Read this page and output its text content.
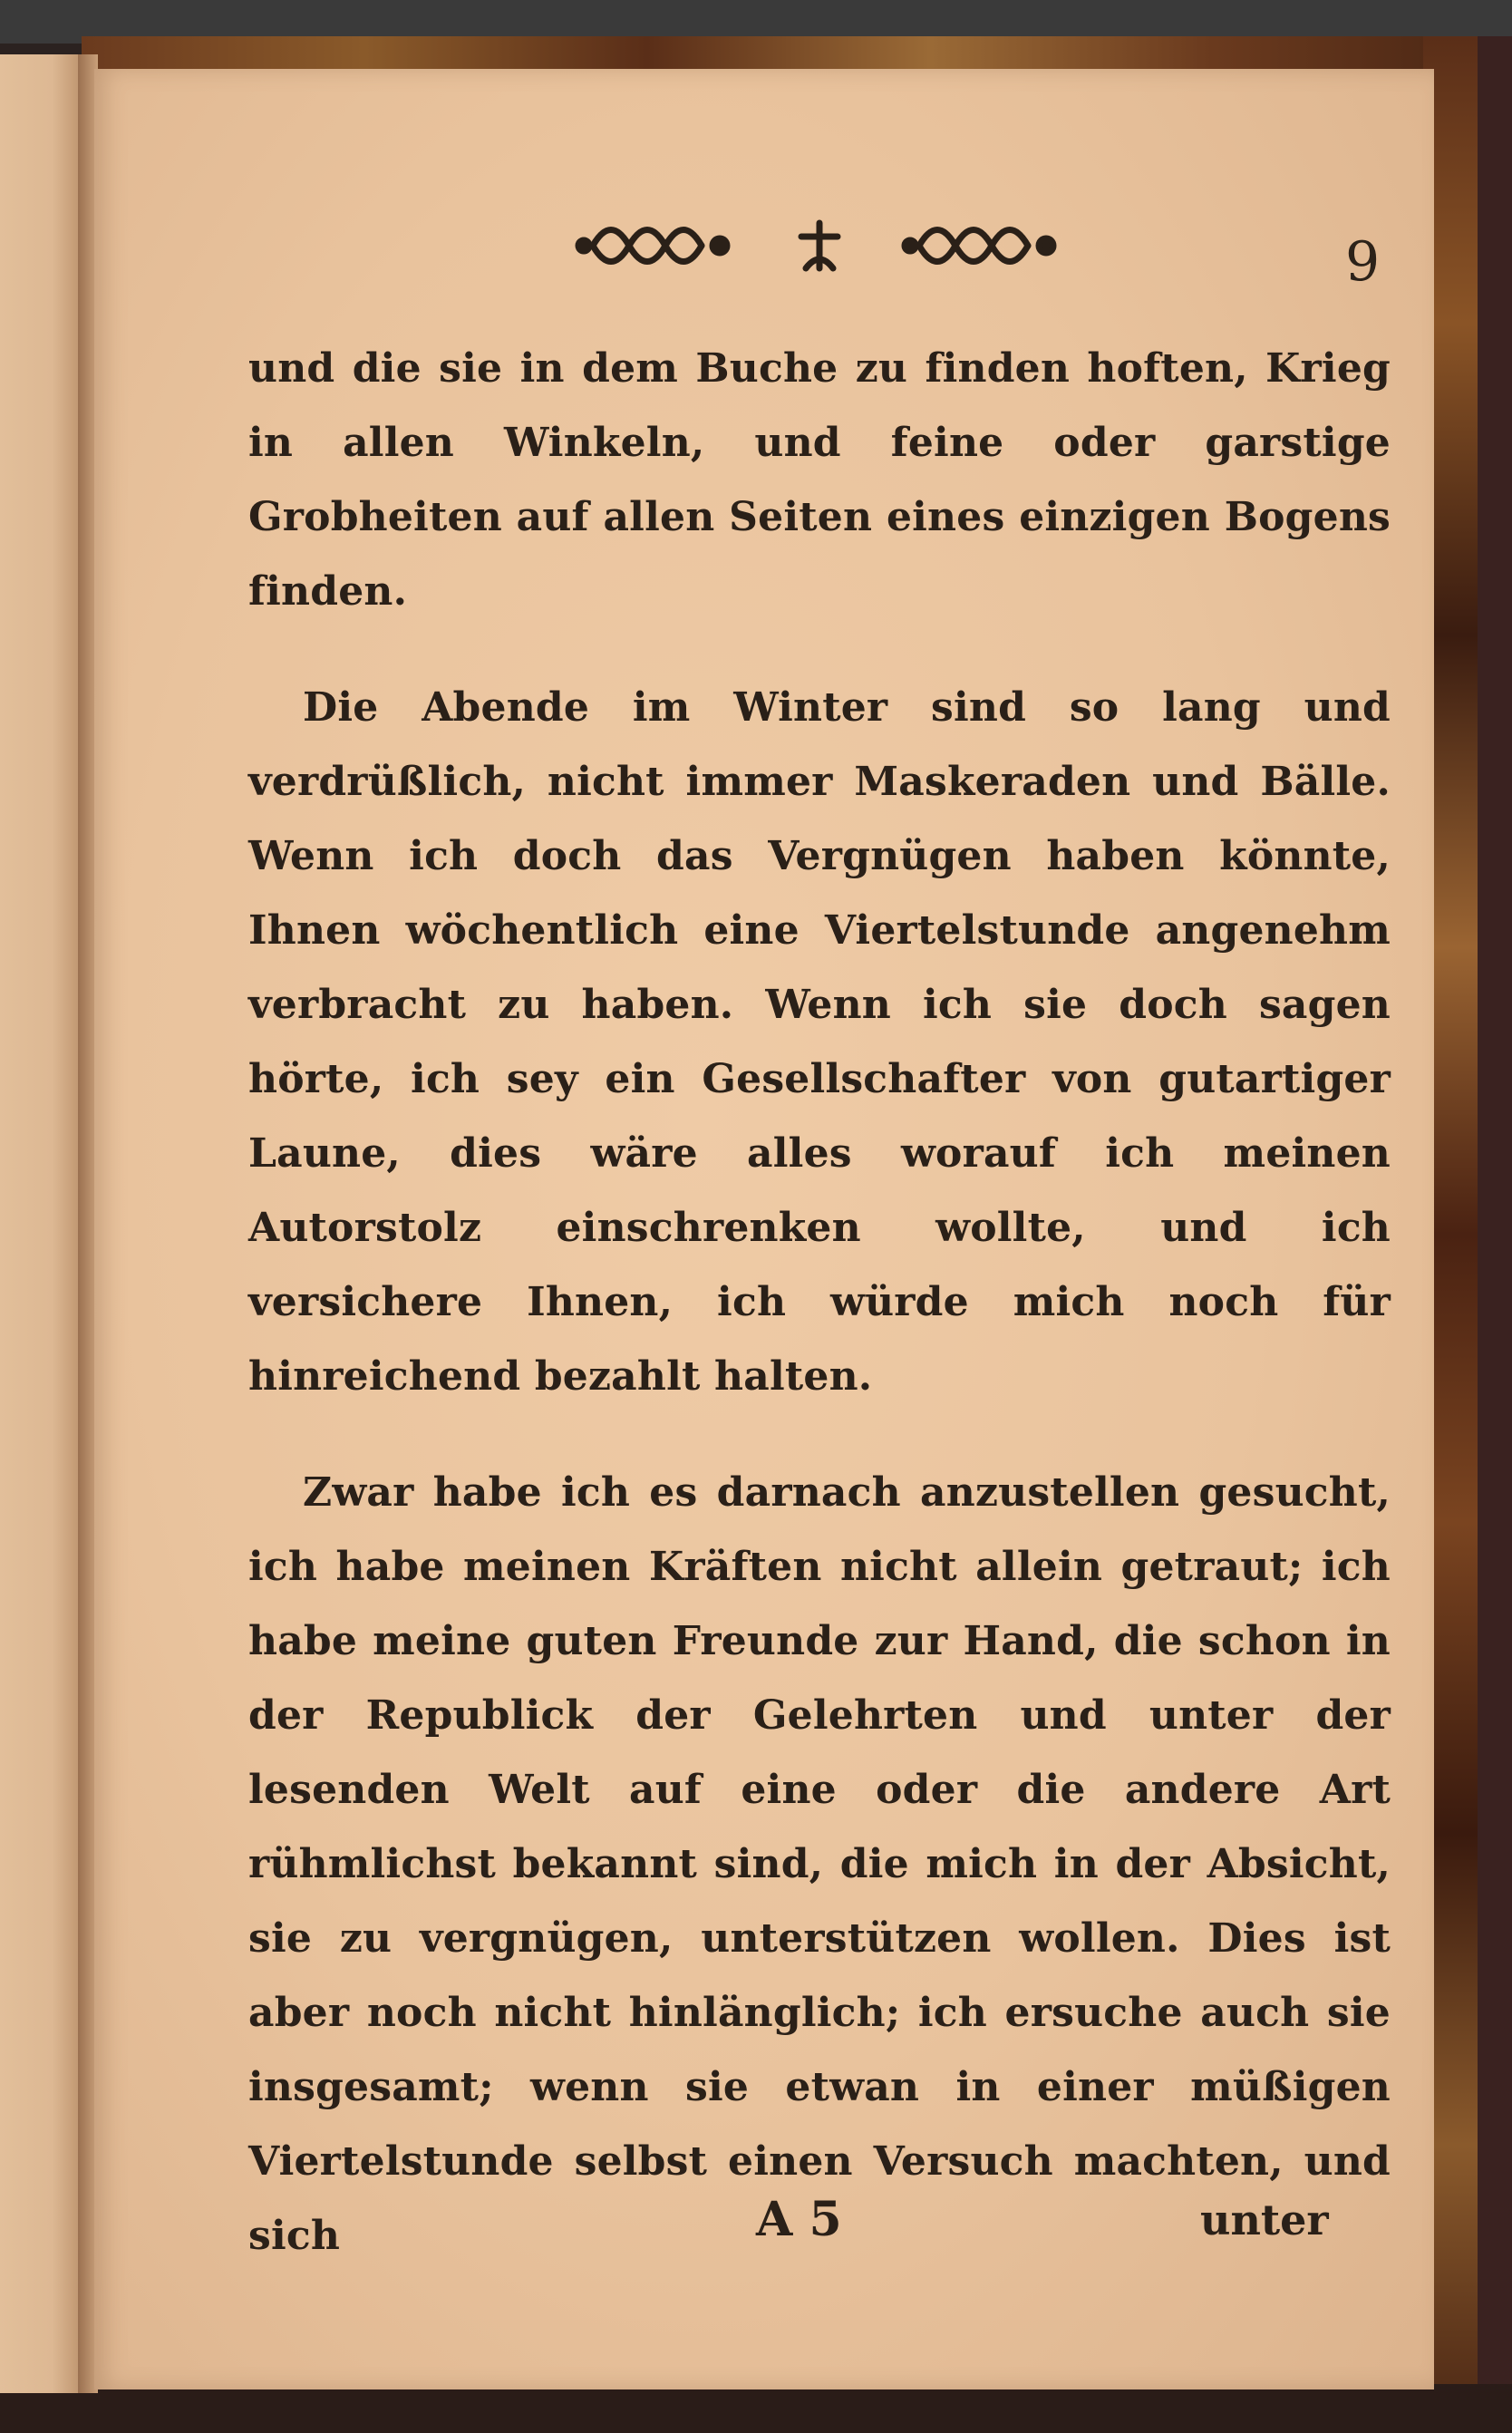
9

und die sie in dem Buche zu finden hoften, Krieg in allen Winkeln, und feine oder garstige Grobheiten auf allen Seiten eines einzigen Bogens finden.

Die Abende im Winter sind so lang und verdrüßlich, nicht immer Maskeraden und Bälle. Wenn ich doch das Vergnügen haben könnte, Ihnen wöchentlich eine Viertelstunde angenehm verbracht zu haben. Wenn ich sie doch sagen hörte, ich sey ein Gesellschafter von gutartiger Laune, dies wäre alles worauf ich meinen Autorstolz einschrenken wollte, und ich versichere Ihnen, ich würde mich noch für hinreichend bezahlt halten.

Zwar habe ich es darnach anzustellen gesucht, ich habe meinen Kräften nicht allein getraut; ich habe meine guten Freunde zur Hand, die schon in der Republick der Gelehrten und unter der lesenden Welt auf eine oder die andere Art rühmlichst bekannt sind, die mich in der Absicht, sie zu vergnügen, unterstützen wollen. Dies ist aber noch nicht hinlänglich; ich ersuche auch sie insgesamt; wenn sie etwan in einer müßigen Viertelstunde selbst einen Versuch machten, und sich	A 5	unter
